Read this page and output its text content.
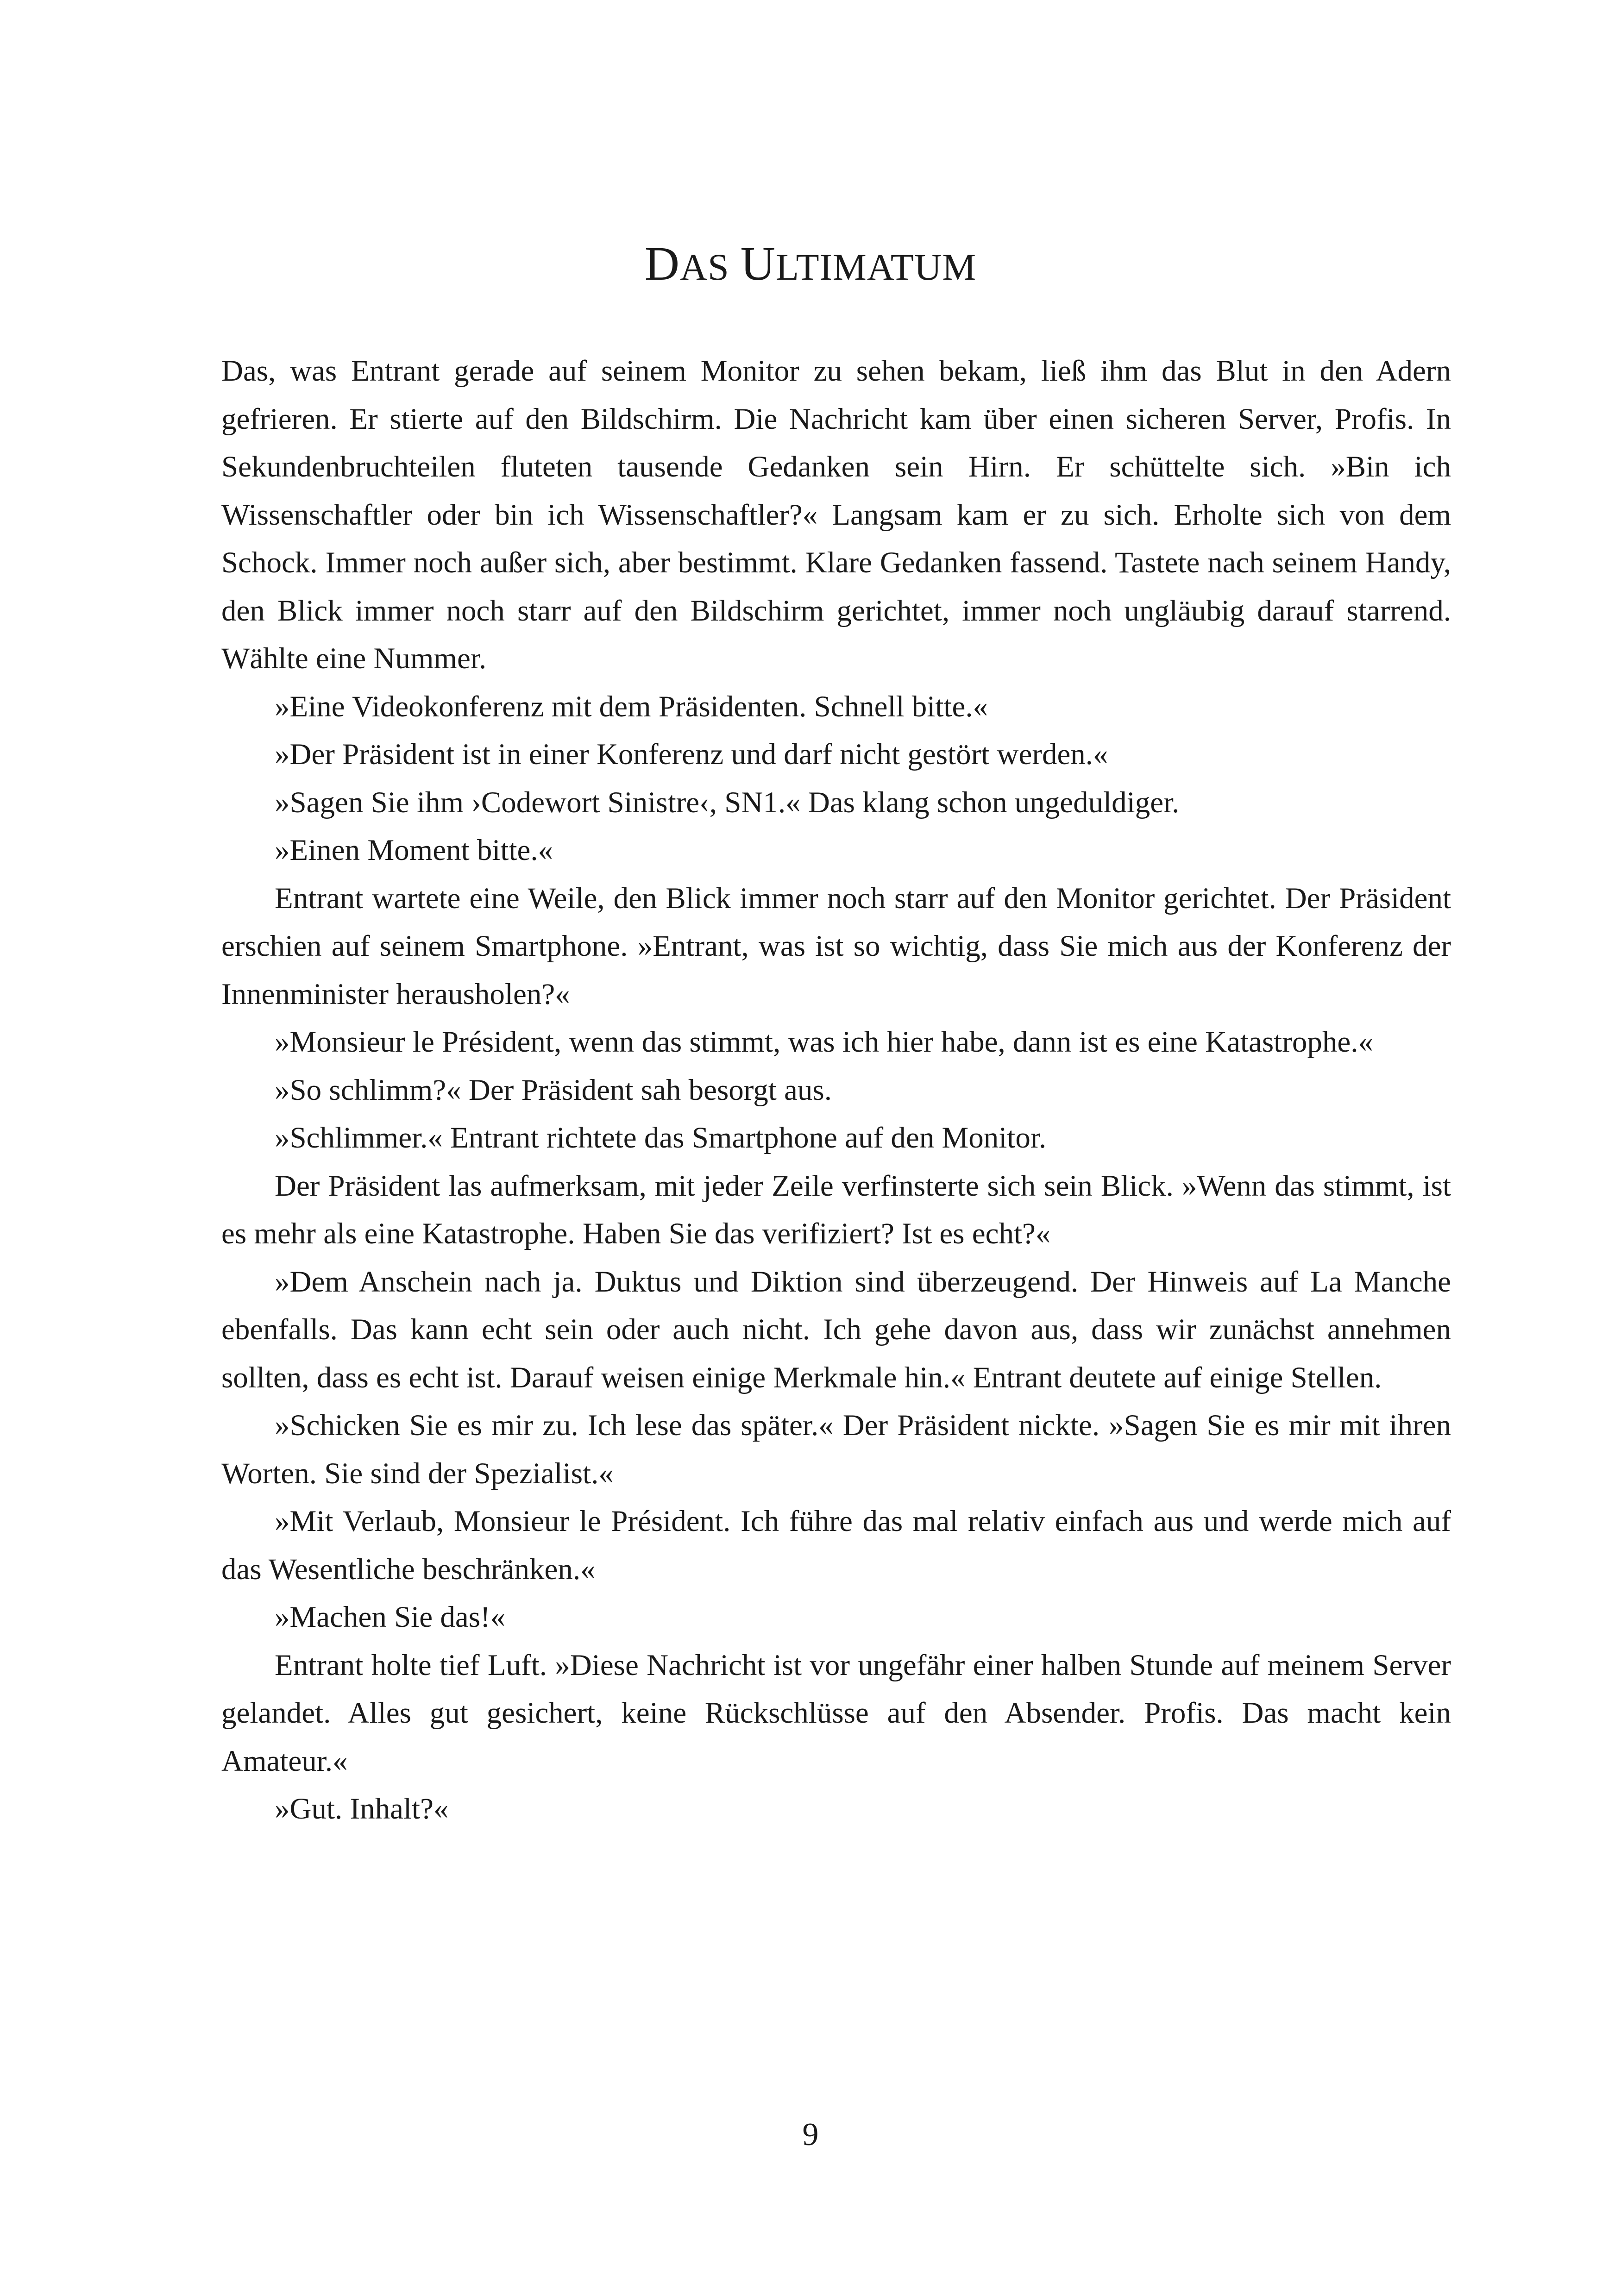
DAS ULTIMATUM

Das, was Entrant gerade auf seinem Monitor zu sehen bekam, ließ ihm das Blut in den Adern gefrieren. Er stierte auf den Bildschirm. Die Nachricht kam über einen sicheren Server, Profis. In Sekundenbruchteilen fluteten tausende Gedanken sein Hirn. Er schüttelte sich. »Bin ich Wissenschaftler oder bin ich Wissenschaftler?« Langsam kam er zu sich. Erholte sich von dem Schock. Immer noch außer sich, aber bestimmt. Klare Gedanken fassend. Tastete nach seinem Handy, den Blick immer noch starr auf den Bildschirm gerichtet, immer noch ungläubig darauf starrend. Wählte eine Nummer.

»Eine Videokonferenz mit dem Präsidenten. Schnell bitte.«

»Der Präsident ist in einer Konferenz und darf nicht gestört werden.«

»Sagen Sie ihm ›Codewort Sinistre‹, SN1.« Das klang schon ungeduldiger.

»Einen Moment bitte.«

Entrant wartete eine Weile, den Blick immer noch starr auf den Monitor gerichtet. Der Präsident erschien auf seinem Smartphone. »Entrant, was ist so wichtig, dass Sie mich aus der Konferenz der Innenminister herausholen?«

»Monsieur le Président, wenn das stimmt, was ich hier habe, dann ist es eine Katastrophe.«

»So schlimm?« Der Präsident sah besorgt aus.

»Schlimmer.« Entrant richtete das Smartphone auf den Monitor.

Der Präsident las aufmerksam, mit jeder Zeile verfinsterte sich sein Blick. »Wenn das stimmt, ist es mehr als eine Katastrophe. Haben Sie das verifiziert? Ist es echt?«

»Dem Anschein nach ja. Duktus und Diktion sind überzeugend. Der Hinweis auf La Manche ebenfalls. Das kann echt sein oder auch nicht. Ich gehe davon aus, dass wir zunächst annehmen sollten, dass es echt ist. Darauf weisen einige Merkmale hin.« Entrant deutete auf einige Stellen.

»Schicken Sie es mir zu. Ich lese das später.« Der Präsident nickte. »Sagen Sie es mir mit ihren Worten. Sie sind der Spezialist.«

»Mit Verlaub, Monsieur le Président. Ich führe das mal relativ einfach aus und werde mich auf das Wesentliche beschränken.«

»Machen Sie das!«

Entrant holte tief Luft. »Diese Nachricht ist vor ungefähr einer halben Stunde auf meinem Server gelandet. Alles gut gesichert, keine Rückschlüsse auf den Absender. Profis. Das macht kein Amateur.«

»Gut. Inhalt?«

9
